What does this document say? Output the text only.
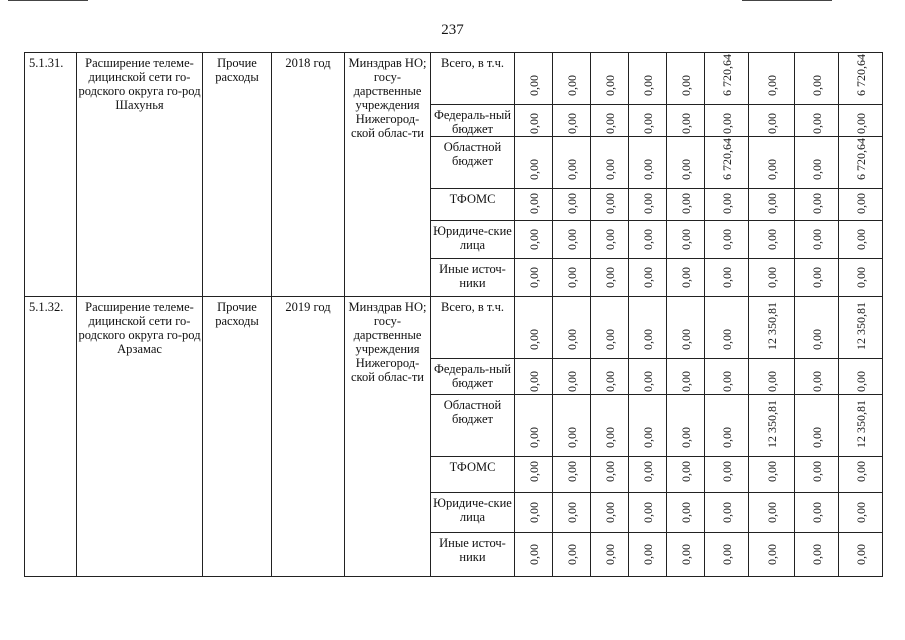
237
5.1.31.	Расширение телеме-дицинской сети го-родского округа го-род Шахунья	Прочие расходы	2018 год	Минздрав НО; госу-дарственные учреждения Нижегород-ской облас-ти	Всего, в т.ч.	0,00	0,00	0,00	0,00	0,00	6 720,64	0,00	0,00	6 720,64

					Федераль-ный бюджет	0,00	0,00	0,00	0,00	0,00	0,00	0,00	0,00	0,00

					Областной бюджет	0,00	0,00	0,00	0,00	0,00	6 720,64	0,00	0,00	6 720,64

					ТФОМС	0,00	0,00	0,00	0,00	0,00	0,00	0,00	0,00	0,00

					Юридиче-ские лица	0,00	0,00	0,00	0,00	0,00	0,00	0,00	0,00	0,00

					Иные источ-ники	0,00	0,00	0,00	0,00	0,00	0,00	0,00	0,00	0,00

5.1.32.	Расширение телеме-дицинской сети го-родского округа го-род Арзамас	Прочие расходы	2019 год	Минздрав НО; госу-дарственные учреждения Нижегород-ской облас-ти	Всего, в т.ч.	0,00	0,00	0,00	0,00	0,00	0,00	12 350,81	0,00	12 350,81

					Федераль-ный бюджет	0,00	0,00	0,00	0,00	0,00	0,00	0,00	0,00	0,00

					Областной бюджет	0,00	0,00	0,00	0,00	0,00	0,00	12 350,81	0,00	12 350,81

					ТФОМС	0,00	0,00	0,00	0,00	0,00	0,00	0,00	0,00	0,00

					Юридиче-ские лица	0,00	0,00	0,00	0,00	0,00	0,00	0,00	0,00	0,00

					Иные источ-ники	0,00	0,00	0,00	0,00	0,00	0,00	0,00	0,00	0,00
